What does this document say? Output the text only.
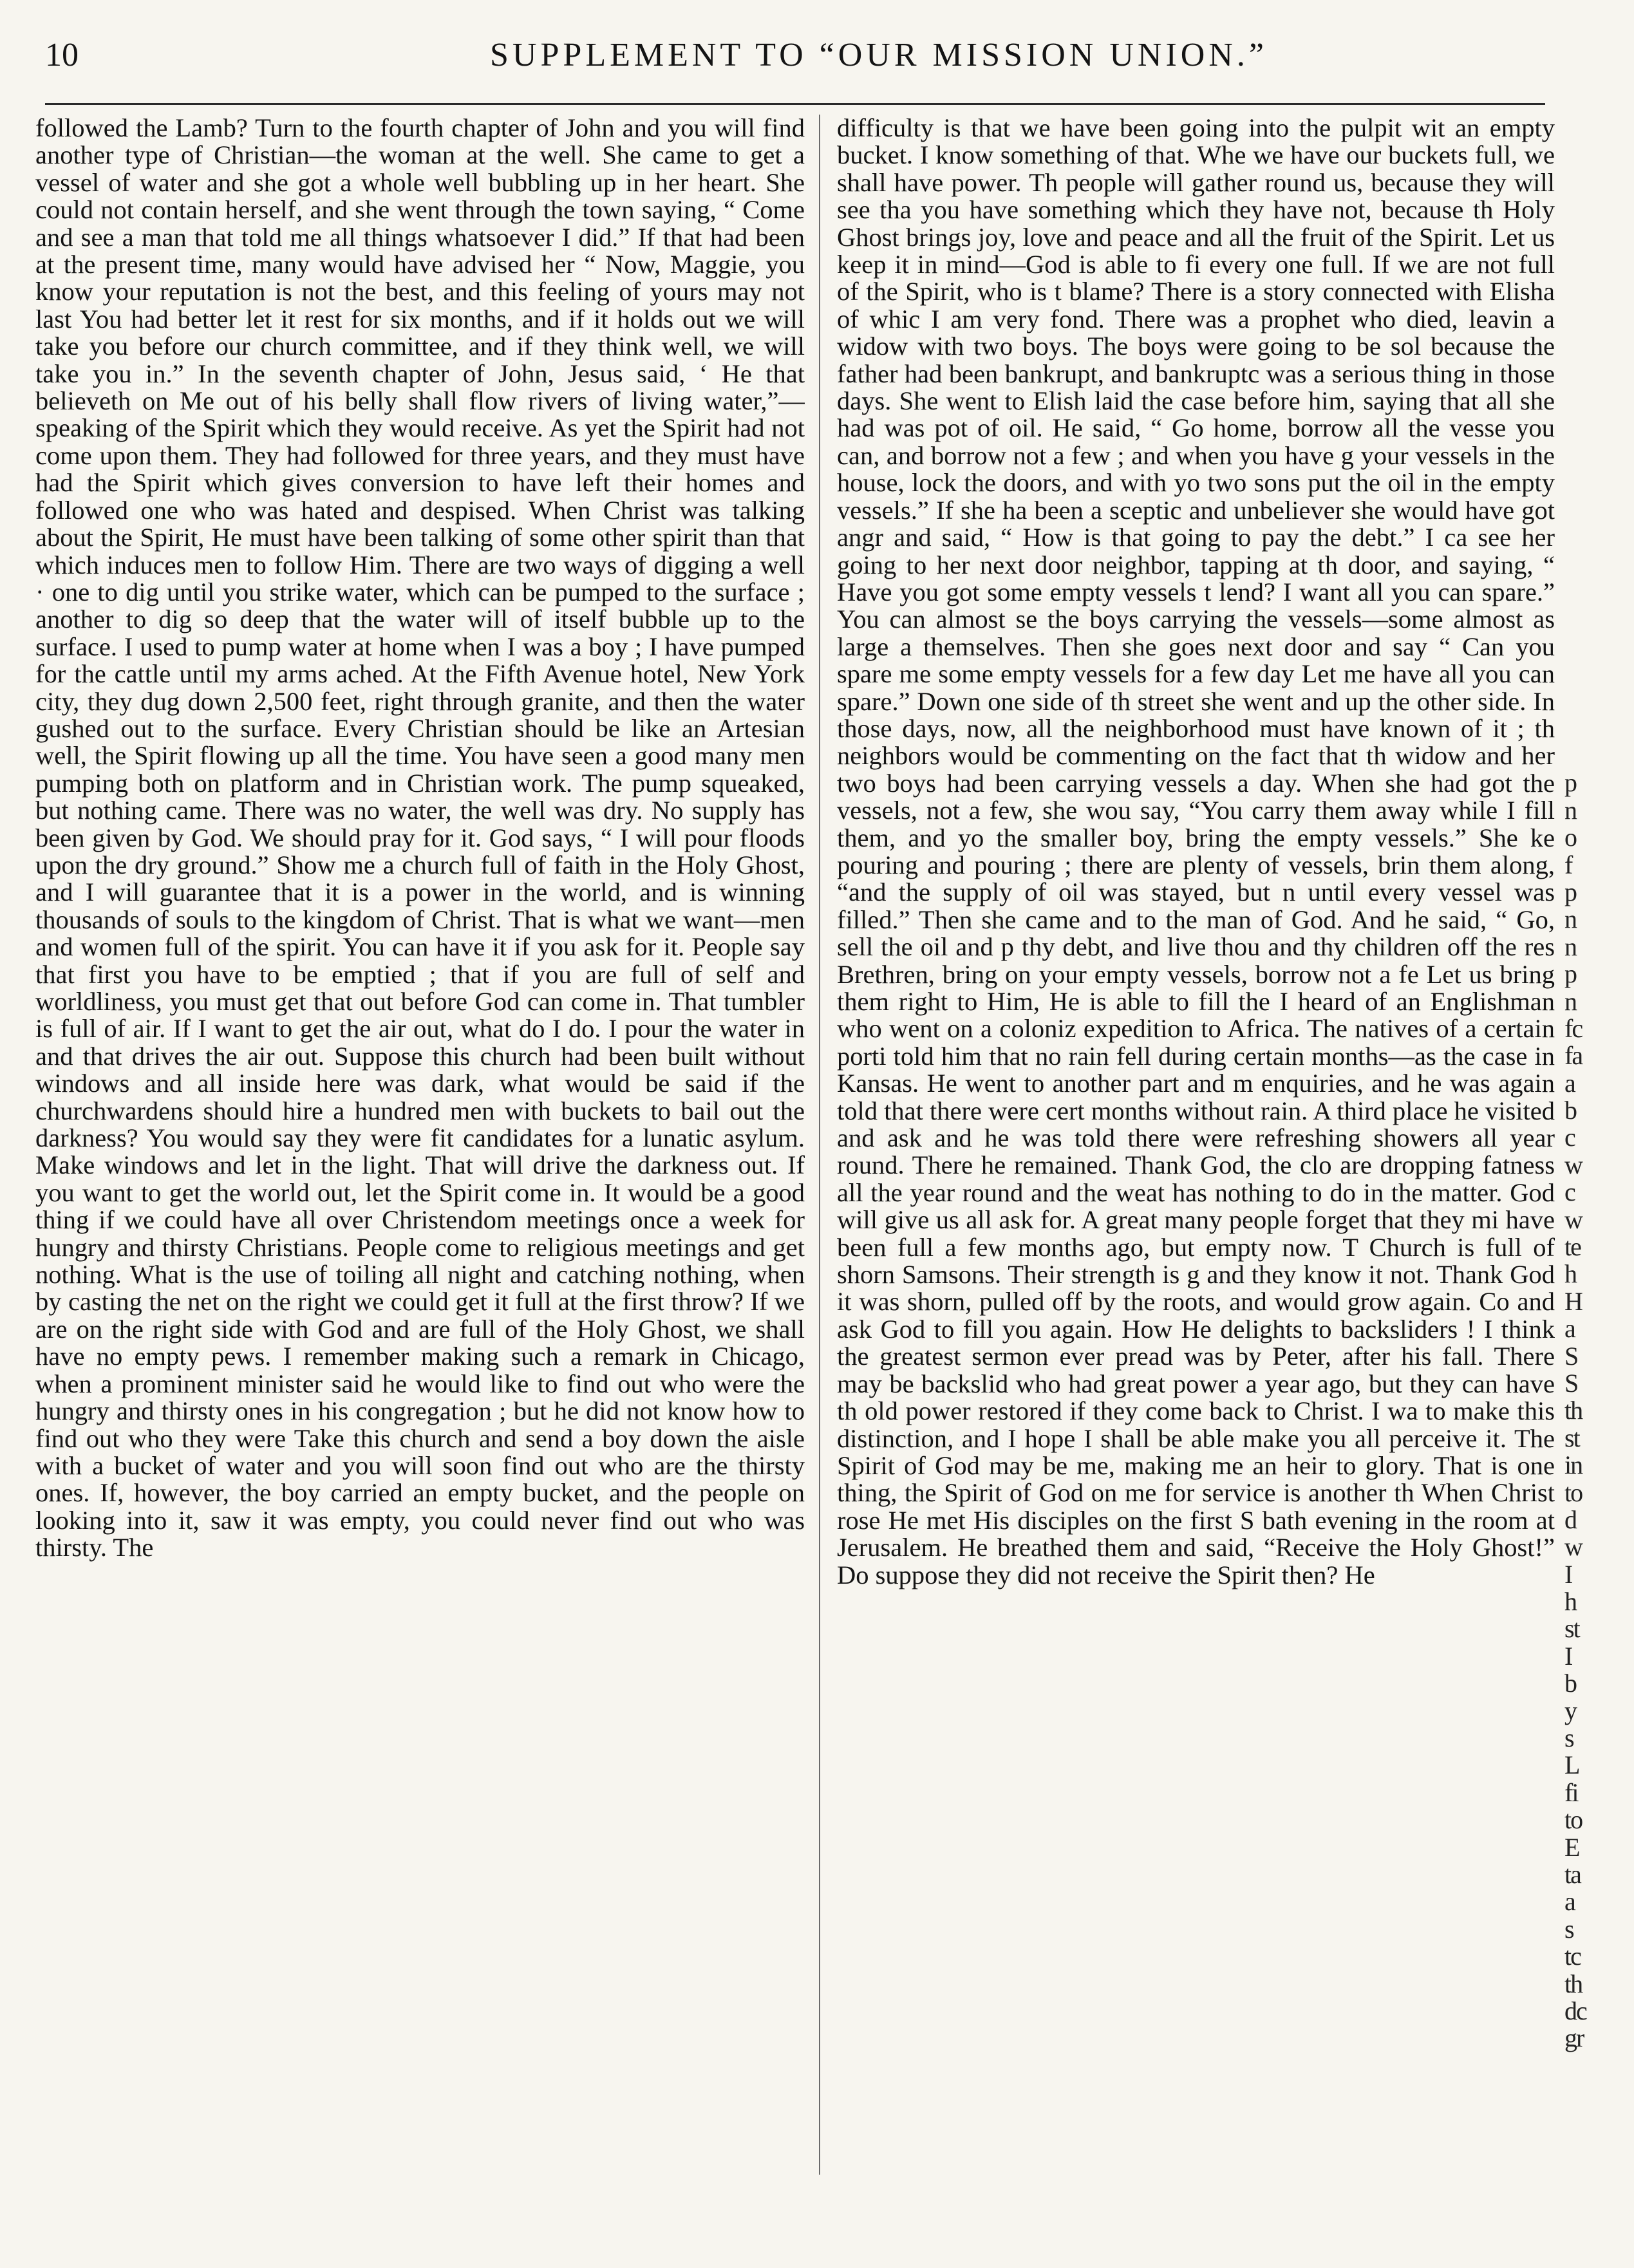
10	SUPPLEMENT TO “OUR MISSION UNION.”

followed the Lamb? Turn to the fourth chapter of John and you will find another type of Christian—the woman at the well. She came to get a vessel of water and she got a whole well bubbling up in her heart. She could not contain herself, and she went through the town saying, “ Come and see a man that told me all things whatsoever I did.” If that had been at the present time, many would have advised her “ Now, Maggie, you know your reputation is not the best, and this feeling of yours may not last You had better let it rest for six months, and if it holds out we will take you before our church committee, and if they think well, we will take you in.” In the seventh chapter of John, Jesus said, ‘ He that believeth on Me out of his belly shall flow rivers of living water,”—speaking of the Spirit which they would receive. As yet the Spirit had not come upon them. They had followed for three years, and they must have had the Spirit which gives conversion to have left their homes and followed one who was hated and despised. When Christ was talking about the Spirit, He must have been talking of some other spirit than that which induces men to follow Him. There are two ways of digging a well · one to dig until you strike water, which can be pumped to the surface ; another to dig so deep that the water will of itself bubble up to the surface. I used to pump water at home when I was a boy ; I have pumped for the cattle until my arms ached. At the Fifth Avenue hotel, New York city, they dug down 2,500 feet, right through granite, and then the water gushed out to the surface. Every Christian should be like an Artesian well, the Spirit flowing up all the time. You have seen a good many men pumping both on platform and in Christian work. The pump squeaked, but nothing came. There was no water, the well was dry. No supply has been given by God. We should pray for it. God says, “ I will pour floods upon the dry ground.” Show me a church full of faith in the Holy Ghost, and I will guarantee that it is a power in the world, and is winning thousands of souls to the kingdom of Christ. That is what we want—men and women full of the spirit. You can have it if you ask for it. People say that first you have to be emptied ; that if you are full of self and worldliness, you must get that out before God can come in. That tumbler is full of air. If I want to get the air out, what do I do. I pour the water in and that drives the air out. Suppose this church had been built without windows and all inside here was dark, what would be said if the churchwardens should hire a hundred men with buckets to bail out the darkness? You would say they were fit candidates for a lunatic asylum. Make windows and let in the light. That will drive the darkness out. If you want to get the world out, let the Spirit come in. It would be a good thing if we could have all over Christendom meetings once a week for hungry and thirsty Christians. People come to religious meetings and get nothing. What is the use of toiling all night and catching nothing, when by casting the net on the right we could get it full at the first throw? If we are on the right side with God and are full of the Holy Ghost, we shall have no empty pews. I remember making such a remark in Chicago, when a prominent minister said he would like to find out who were the hungry and thirsty ones in his congregation ; but he did not know how to find out who they were Take this church and send a boy down the aisle with a bucket of water and you will soon find out who are the thirsty ones. If, however, the boy carried an empty bucket, and the people on looking into it, saw it was empty, you could never find out who was thirsty. The

difficulty is that we have been going into the pulpit wit an empty bucket. I know something of that. Whe we have our buckets full, we shall have power. Th people will gather round us, because they will see tha you have something which they have not, because th Holy Ghost brings joy, love and peace and all the fruit of the Spirit. Let us keep it in mind—God is able to fi every one full. If we are not full of the Spirit, who is t blame? There is a story connected with Elisha of whic I am very fond. There was a prophet who died, leavin a widow with two boys. The boys were going to be sol because the father had been bankrupt, and bankruptc was a serious thing in those days. She went to Elish laid the case before him, saying that all she had was pot of oil. He said, “ Go home, borrow all the vesse you can, and borrow not a few ; and when you have g your vessels in the house, lock the doors, and with yo two sons put the oil in the empty vessels.” If she ha been a sceptic and unbeliever she would have got angr and said, “ How is that going to pay the debt.” I ca see her going to her next door neighbor, tapping at th door, and saying, “ Have you got some empty vessels t lend? I want all you can spare.” You can almost se the boys carrying the vessels—some almost as large a themselves. Then she goes next door and say “ Can you spare me some empty vessels for a few day Let me have all you can spare.” Down one side of th street she went and up the other side. In those days, now, all the neighborhood must have known of it ; th neighbors would be commenting on the fact that th widow and her two boys had been carrying vessels a day. When she had got the vessels, not a few, she wou say, “You carry them away while I fill them, and yo the smaller boy, bring the empty vessels.” She ke pouring and pouring ; there are plenty of vessels, brin them along, “and the supply of oil was stayed, but n until every vessel was filled.” Then she came and to the man of God. And he said, “ Go, sell the oil and p thy debt, and live thou and thy children off the res Brethren, bring on your empty vessels, borrow not a fe Let us bring them right to Him, He is able to fill the I heard of an Englishman who went on a coloniz expedition to Africa. The natives of a certain porti told him that no rain fell during certain months—as the case in Kansas. He went to another part and m enquiries, and he was again told that there were cert months without rain. A third place he visited and ask and he was told there were refreshing showers all year round. There he remained. Thank God, the clo are dropping fatness all the year round and the weat has nothing to do in the matter. God will give us all ask for. A great many people forget that they mi have been full a few months ago, but empty now. T Church is full of shorn Samsons. Their strength is g and they know it not. Thank God it was shorn, pulled off by the roots, and would grow again. Co and ask God to fill you again. How He delights to backsliders ! I think the greatest sermon ever pread was by Peter, after his fall. There may be backslid who had great power a year ago, but they can have th old power restored if they come back to Christ. I wa to make this distinction, and I hope I shall be able make you all perceive it. The Spirit of God may be me, making me an heir to glory. That is one thing, the Spirit of God on me for service is another th When Christ rose He met His disciples on the first S bath evening in the room at Jerusalem. He breathed them and said, “Receive the Holy Ghost!” Do suppose they did not receive the Spirit then? He

p
n
o
f
p
n
n
p
n
fc
fa
a
b
c
w
c
w
te
h
H
a
S
S
th
st
in
to
d
w
I
h
st
I
b
y
s
L
fi
to
E
ta
a
s
tc
th
dc
gr
